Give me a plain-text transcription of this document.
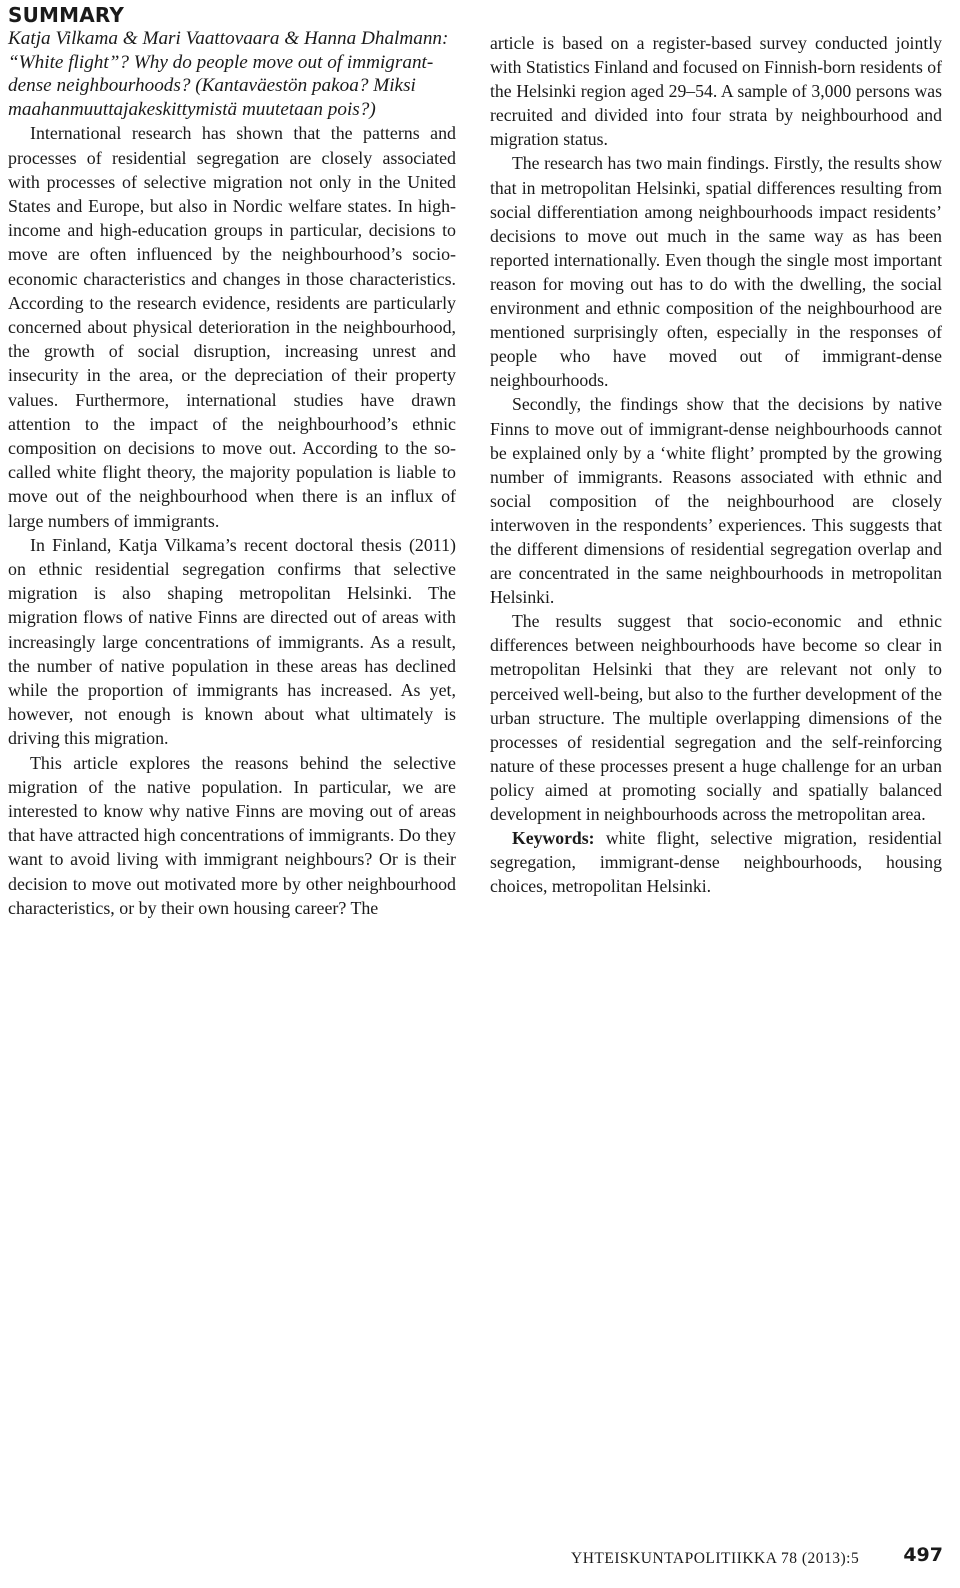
SUMMARY

Katja Vilkama & Mari Vaattovaara & Hanna Dhalmann: “White flight”? Why do people move out of immigrant-dense neighbourhoods? (Kantaväestön pakoa? Miksi maahanmuuttajakeskittymistä muutetaan pois?)

International research has shown that the patterns and processes of residential segregation are closely associated with processes of selective migration not only in the United States and Europe, but also in Nordic welfare states. In high-income and high-education groups in particular, decisions to move are often influenced by the neighbourhood’s socio-economic characteristics and changes in those characteristics. According to the research evidence, residents are particularly concerned about physical deterioration in the neighbourhood, the growth of social disruption, increasing unrest and insecurity in the area, or the depreciation of their property values. Furthermore, international studies have drawn attention to the impact of the neighbourhood’s ethnic composition on decisions to move out. According to the so-called white flight theory, the majority population is liable to move out of the neighbourhood when there is an influx of large numbers of immigrants.

In Finland, Katja Vilkama’s recent doctoral thesis (2011) on ethnic residential segregation confirms that selective migration is also shaping metropolitan Helsinki. The migration flows of native Finns are directed out of areas with increasingly large concentrations of immigrants. As a result, the number of native population in these areas has declined while the proportion of immigrants has increased. As yet, however, not enough is known about what ultimately is driving this migration.

This article explores the reasons behind the selective migration of the native population. In particular, we are interested to know why native Finns are moving out of areas that have attracted high concentrations of immigrants. Do they want to avoid living with immigrant neighbours? Or is their decision to move out motivated more by other neighbourhood characteristics, or by their own housing career? The

article is based on a register-based survey conducted jointly with Statistics Finland and focused on Finnish-born residents of the Helsinki region aged 29–54. A sample of 3,000 persons was recruited and divided into four strata by neighbourhood and migration status.

The research has two main findings. Firstly, the results show that in metropolitan Helsinki, spatial differences resulting from social differentiation among neighbourhoods impact residents’ decisions to move out much in the same way as has been reported internationally. Even though the single most important reason for moving out has to do with the dwelling, the social environment and ethnic composition of the neighbourhood are mentioned surprisingly often, especially in the responses of people who have moved out of immigrant-dense neighbourhoods.

Secondly, the findings show that the decisions by native Finns to move out of immigrant-dense neighbourhoods cannot be explained only by a ‘white flight’ prompted by the growing number of immigrants. Reasons associated with ethnic and social composition of the neighbourhood are closely interwoven in the respondents’ experiences. This suggests that the different dimensions of residential segregation overlap and are concentrated in the same neighbourhoods in metropolitan Helsinki.

The results suggest that socio-economic and ethnic differences between neighbourhoods have become so clear in metropolitan Helsinki that they are relevant not only to perceived well-being, but also to the further development of the urban structure. The multiple overlapping dimensions of the processes of residential segregation and the self-reinforcing nature of these processes present a huge challenge for an urban policy aimed at promoting socially and spatially balanced development in neighbourhoods across the metropolitan area.

Keywords: white flight, selective migration, residential segregation, immigrant-dense neighbourhoods, housing choices, metropolitan Helsinki.

YHTEISKUNTAPOLITIIKKA 78 (2013):5 497
